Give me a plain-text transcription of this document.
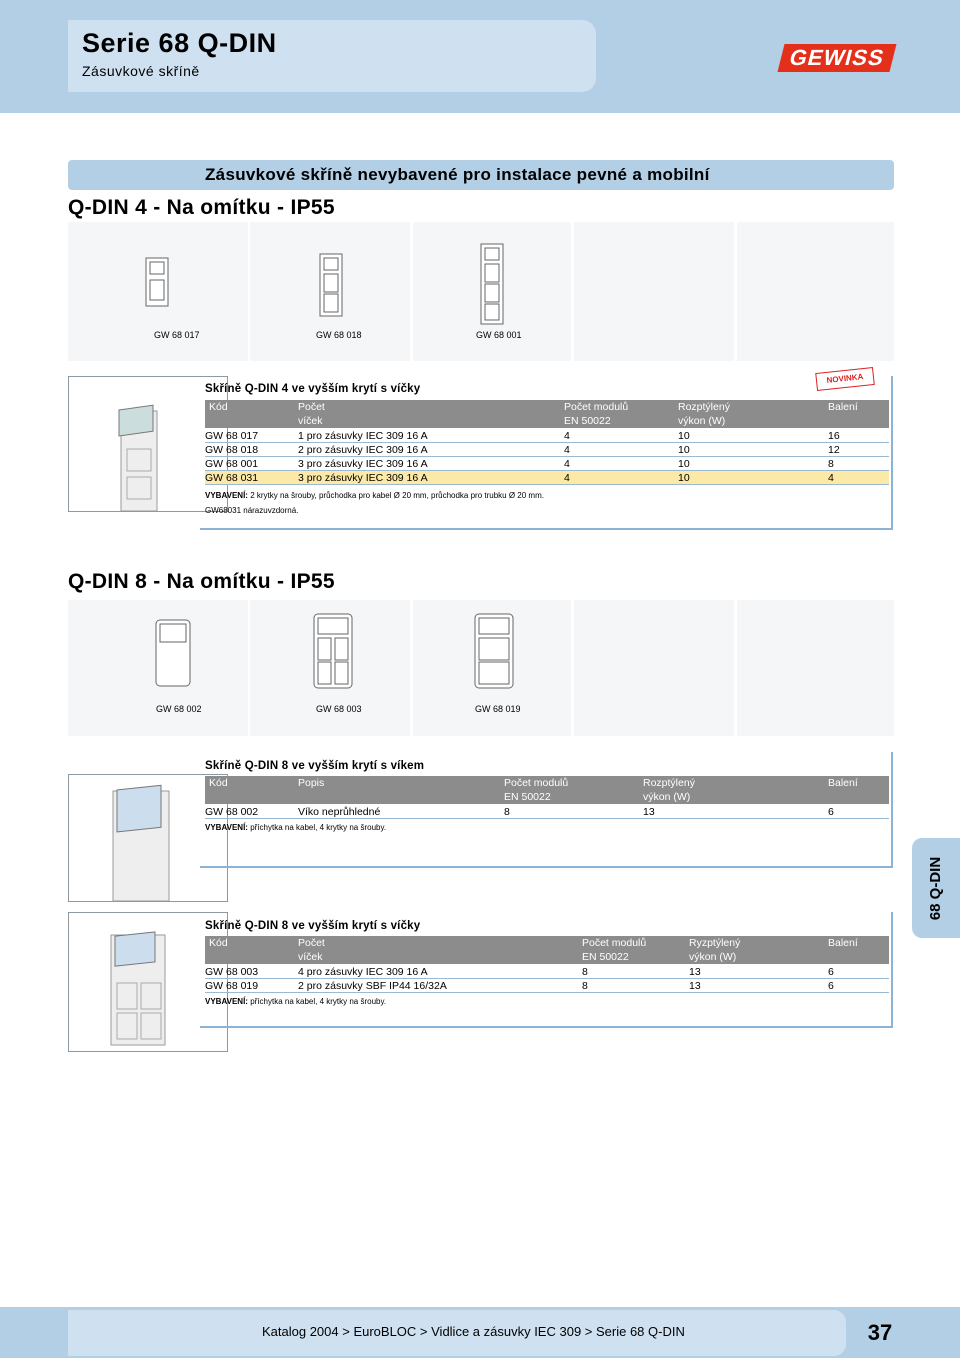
Serie 68 Q-DIN
Zásuvkové skříně
GEWISS
Zásuvkové skříně nevybavené pro instalace pevné a mobilní
Q-DIN 4 - Na omítku - IP55
GW 68 017	GW 68 018	GW 68 001
NOVINKA
Skříně Q-DIN 4 ve vyšším krytí s víčky
Kód	Počet
víček
Počet modulů
EN 50022
Rozptýlený
výkon (W)
Balení
GW 68 017	1 pro zásuvky IEC 309 16 A	4	10	16
GW 68 018	2 pro zásuvky IEC 309 16 A	4	10	12
GW 68 001	3 pro zásuvky IEC 309 16 A	4	10	8
GW 68 031	3 pro zásuvky IEC 309 16 A	4	10	4
VYBAVENÍ: 2 krytky na šrouby, průchodka pro kabel Ø 20 mm, průchodka pro trubku Ø 20 mm.
GW68031 nárazuvzdorná.
Q-DIN 8 - Na omítku - IP55
GW 68 002	GW 68 003	GW 68 019
Skříně Q-DIN 8 ve vyšším krytí s víkem
Kód	Popis	Počet modulů
EN 50022
Rozptýlený
výkon (W)
Balení
GW 68 002	Víko neprůhledné	8	13	6
VYBAVENÍ: příchytka na kabel, 4 krytky na šrouby.
Skříně Q-DIN 8 ve vyšším krytí s víčky
Kód	Počet
víček
Počet modulů
EN 50022
Ryzptýlený
výkon (W)
Balení
GW 68 003	4 pro zásuvky IEC 309 16 A	8	13	6
GW 68 019	2 pro zásuvky SBF IP44 16/32A	8	13	6
VYBAVENÍ: příchytka na kabel, 4 krytky na šrouby.
68 Q-DIN
Katalog 2004 > EuroBLOC > Vidlice a zásuvky IEC 309 > Serie 68 Q-DIN	37
